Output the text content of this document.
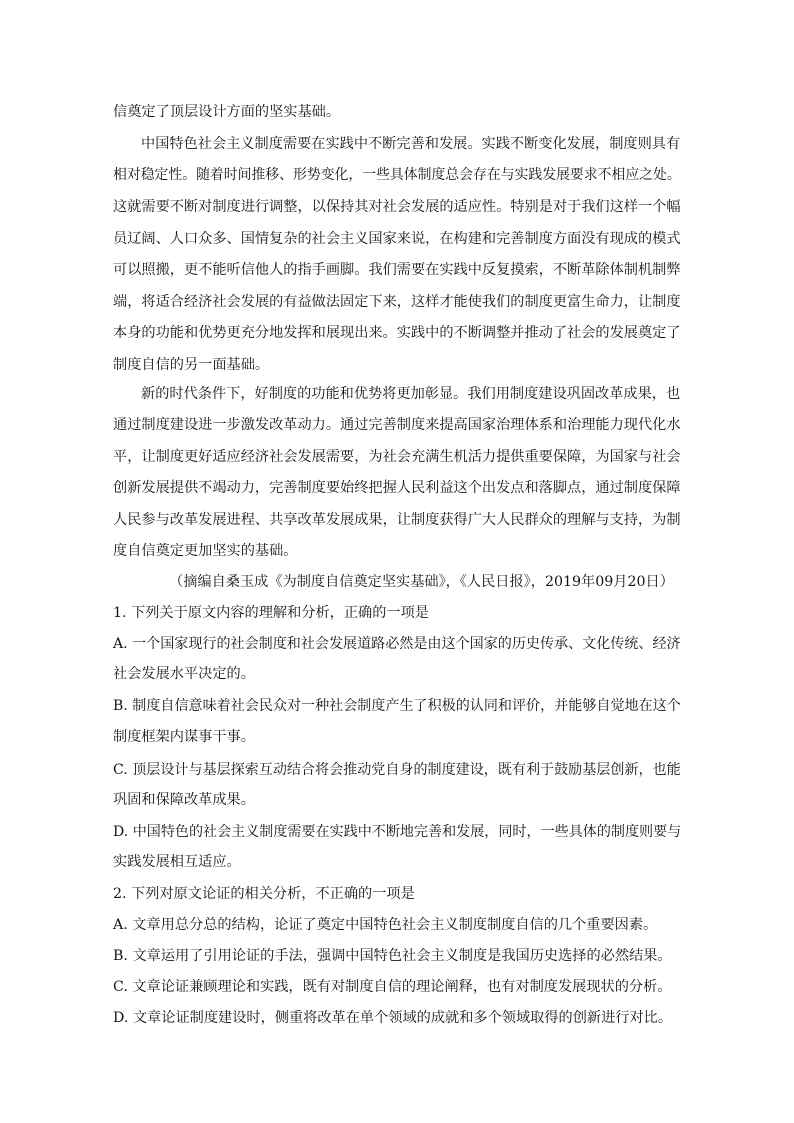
信奠定了顶层设计方面的坚实基础。
中国特色社会主义制度需要在实践中不断完善和发展。实践不断变化发展，制度则具有
相对稳定性。随着时间推移、形势变化，一些具体制度总会存在与实践发展要求不相应之处。
这就需要不断对制度进行调整，以保持其对社会发展的适应性。特别是对于我们这样一个幅
员辽阔、人口众多、国情复杂的社会主义国家来说，在构建和完善制度方面没有现成的模式
可以照搬，更不能听信他人的指手画脚。我们需要在实践中反复摸索，不断革除体制机制弊
端，将适合经济社会发展的有益做法固定下来，这样才能使我们的制度更富生命力，让制度
本身的功能和优势更充分地发挥和展现出来。实践中的不断调整并推动了社会的发展奠定了
制度自信的另一面基础。
新的时代条件下，好制度的功能和优势将更加彰显。我们用制度建设巩固改革成果，也
通过制度建设进一步激发改革动力。通过完善制度来提高国家治理体系和治理能力现代化水
平，让制度更好适应经济社会发展需要，为社会充满生机活力提供重要保障，为国家与社会
创新发展提供不竭动力，完善制度要始终把握人民利益这个出发点和落脚点，通过制度保障
人民参与改革发展进程、共享改革发展成果，让制度获得广大人民群众的理解与支持，为制
度自信奠定更加坚实的基础。
（摘编自桑玉成《为制度自信奠定坚实基础》，《人民日报》，2019年09月20日）
1. 下列关于原文内容的理解和分析，正确的一项是
A. 一个国家现行的社会制度和社会发展道路必然是由这个国家的历史传承、文化传统、经济
社会发展水平决定的。
B. 制度自信意味着社会民众对一种社会制度产生了积极的认同和评价，并能够自觉地在这个
制度框架内谋事干事。
C. 顶层设计与基层探索互动结合将会推动党自身的制度建设，既有利于鼓励基层创新，也能
巩固和保障改革成果。
D. 中国特色的社会主义制度需要在实践中不断地完善和发展，同时，一些具体的制度则要与
实践发展相互适应。
2. 下列对原文论证的相关分析，不正确的一项是
A. 文章用总分总的结构，论证了奠定中国特色社会主义制度制度自信的几个重要因素。
B. 文章运用了引用论证的手法，强调中国特色社会主义制度是我国历史选择的必然结果。
C. 文章论证兼顾理论和实践，既有对制度自信的理论阐释，也有对制度发展现状的分析。
D. 文章论证制度建设时，侧重将改革在单个领域的成就和多个领域取得的创新进行对比。
